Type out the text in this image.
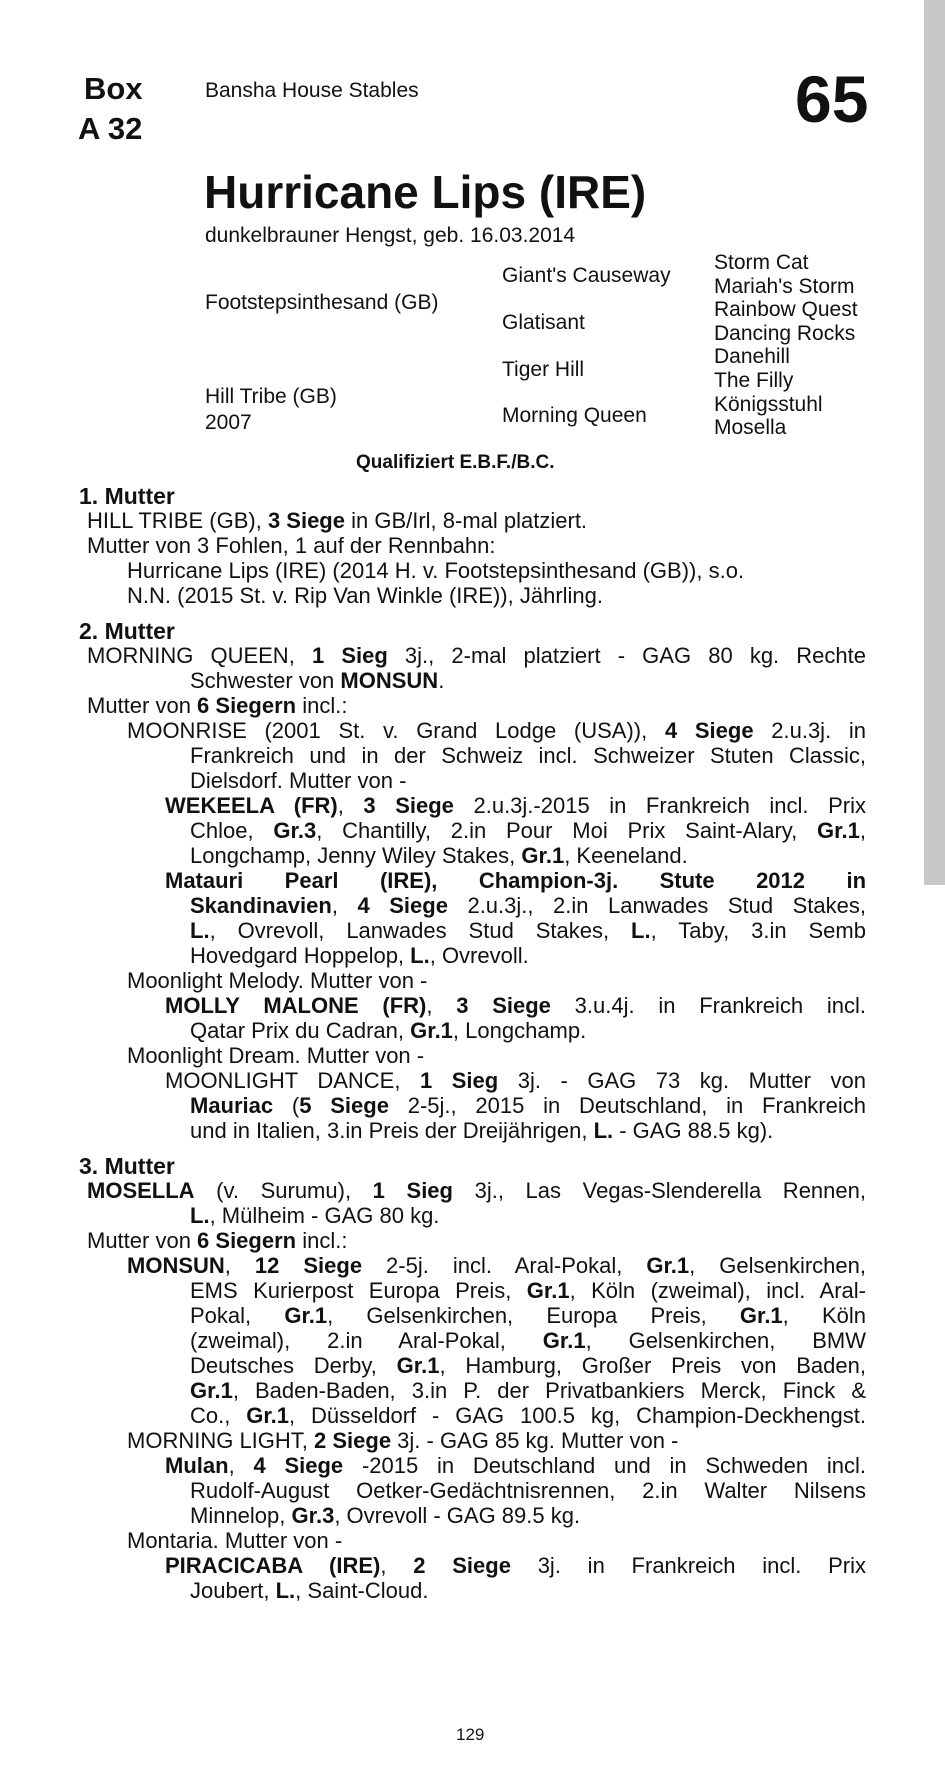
Box
A 32
Bansha House Stables	65
Hurricane Lips (IRE)
dunkelbrauner Hengst, geb. 16.03.2014
Footstepsinthesand (GB)
Hill Tribe (GB)
2007
Giant's Causeway
Glatisant
Tiger Hill
Morning Queen
Storm Cat
Mariah's Storm
Rainbow Quest
Dancing Rocks
Danehill
The Filly
Königsstuhl
Mosella
Qualifiziert E.B.F./B.C.
1. Mutter
HILL TRIBE (GB), 3 Siege in GB/Irl, 8-mal platziert.
Mutter von 3 Fohlen, 1 auf der Rennbahn:
Hurricane Lips (IRE) (2014 H. v. Footstepsinthesand (GB)), s.o.
N.N. (2015 St. v. Rip Van Winkle (IRE)), Jährling.
2. Mutter
MORNING QUEEN, 1 Sieg 3j., 2-mal platziert - GAG 80 kg. Rechte
Schwester von MONSUN.
Mutter von 6 Siegern incl.:
MOONRISE (2001 St. v. Grand Lodge (USA)), 4 Siege 2.u.3j. in
Frankreich und in der Schweiz incl. Schweizer Stuten Classic,
Dielsdorf. Mutter von -
WEKEELA (FR), 3 Siege 2.u.3j.-2015 in Frankreich incl. Prix
Chloe, Gr.3, Chantilly, 2.in Pour Moi Prix Saint-Alary, Gr.1,
Longchamp, Jenny Wiley Stakes, Gr.1, Keeneland.
Matauri Pearl (IRE), Champion-3j. Stute 2012 in
Skandinavien, 4 Siege 2.u.3j., 2.in Lanwades Stud Stakes,
L., Ovrevoll, Lanwades Stud Stakes, L., Taby, 3.in Semb
Hovedgard Hoppelop, L., Ovrevoll.
Moonlight Melody. Mutter von -
MOLLY MALONE (FR), 3 Siege 3.u.4j. in Frankreich incl.
Qatar Prix du Cadran, Gr.1, Longchamp.
Moonlight Dream. Mutter von -
MOONLIGHT DANCE, 1 Sieg 3j. - GAG 73 kg. Mutter von
Mauriac (5 Siege 2-5j., 2015 in Deutschland, in Frankreich
und in Italien, 3.in Preis der Dreijährigen, L. - GAG 88.5 kg).
3. Mutter
MOSELLA (v. Surumu), 1 Sieg 3j., Las Vegas-Slenderella Rennen,
L., Mülheim - GAG 80 kg.
Mutter von 6 Siegern incl.:
MONSUN, 12 Siege 2-5j. incl. Aral-Pokal, Gr.1, Gelsenkirchen,
EMS Kurierpost Europa Preis, Gr.1, Köln (zweimal), incl. Aral-
Pokal, Gr.1, Gelsenkirchen, Europa Preis, Gr.1, Köln
(zweimal), 2.in Aral-Pokal, Gr.1, Gelsenkirchen, BMW
Deutsches Derby, Gr.1, Hamburg, Großer Preis von Baden,
Gr.1, Baden-Baden, 3.in P. der Privatbankiers Merck, Finck &
Co., Gr.1, Düsseldorf - GAG 100.5 kg, Champion-Deckhengst.
MORNING LIGHT, 2 Siege 3j. - GAG 85 kg. Mutter von -
Mulan, 4 Siege -2015 in Deutschland und in Schweden incl.
Rudolf-August Oetker-Gedächtnisrennen, 2.in Walter Nilsens
Minnelop, Gr.3, Ovrevoll - GAG 89.5 kg.
Montaria. Mutter von -
PIRACICABA (IRE), 2 Siege 3j. in Frankreich incl. Prix
Joubert, L., Saint-Cloud.
129
